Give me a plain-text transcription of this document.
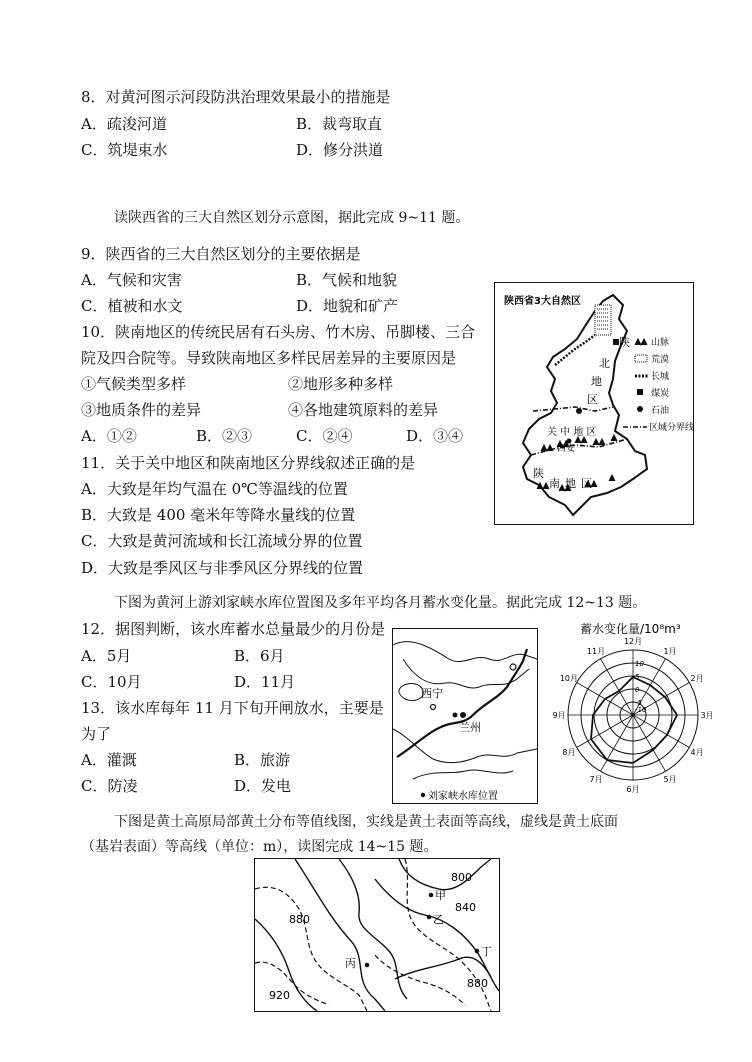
8．对黄河图示河段防洪治理效果最小的措施是
A．疏浚河道	B．裁弯取直
C．筑堤束水	D．修分洪道
读陕西省的三大自然区划分示意图，据此完成 9~11 题。
9．陕西省的三大自然区划分的主要依据是
A．气候和灾害	B．气候和地貌
C．植被和水文	D．地貌和矿产
10．陕南地区的传统民居有石头房、竹木房、吊脚楼、三合
院及四合院等。导致陕南地区多样民居差异的主要原因是
①气候类型多样	②地形多种多样
③地质条件的差异	④各地建筑原料的差异
A．①②	B．②③	C．②④	D．③④
11．关于关中地区和陕南地区分界线叙述正确的是
A．大致是年均气温在 0℃等温线的位置
B．大致是 400 毫米年等降水量线的位置
C．大致是黄河流域和长江流域分界的位置
D．大致是季风区与非季风区分界线的位置
下图为黄河上游刘家峡水库位置图及多年平均各月蓄水变化量。据此完成 12~13 题。
12．据图判断，该水库蓄水总量最少的月份是
A．5月	B．6月
C．10月	D．11月
13．该水库每年 11 月下旬开闸放水，主要是
为了
A．灌溉	B．旅游
C．防凌	D．发电
下图是黄土高原局部黄土分布等值线图，实线是黄土表面等高线，虚线是黄土底面
（基岩表面）等高线（单位：m），读图完成 14~15 题。
陕西省3大自然区
陕
北
地
区
关 中 地 区
西安
陕
南 地 区
山脉
荒漠
长城
煤炭
石油
区域分界线
西宁
兰州
刘家峡水库位置
蓄水变化量/10⁸m³
1月
2月
3月
4月
5月
6月
7月
8月
9月
10月
11月
12月
10
5
0
-5
-10
800
840
880
880
920
甲
乙
丙
丁
